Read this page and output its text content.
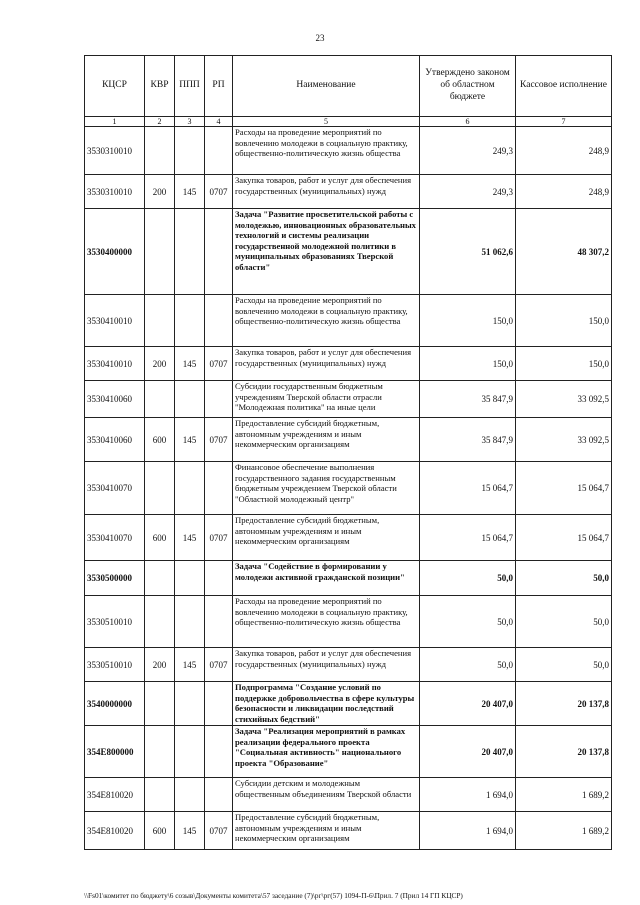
23
КЦСР	КВР	ППП	РП	Наименование	Утверждено законом об областном бюджете	Кассовое исполнение
1	2	3	4	5	6	7
3530310010				Расходы на проведение мероприятий по вовлечению молодежи в социальную практику, общественно-политическую жизнь общества	249,3	248,9
3530310010	200	145	0707	Закупка товаров, работ и услуг для обеспечения государственных (муниципальных) нужд	249,3	248,9
3530400000				Задача "Развитие просветительской работы с молодежью, инновационных образовательных технологий и системы реализации государственной молодежной политики в муниципальных образованиях Тверской области"	51 062,6	48 307,2
3530410010				Расходы на проведение мероприятий по вовлечению молодежи в социальную практику, общественно-политическую жизнь общества	150,0	150,0
3530410010	200	145	0707	Закупка товаров, работ и услуг для обеспечения государственных (муниципальных) нужд	150,0	150,0
3530410060				Субсидии государственным бюджетным учреждениям Тверской области отрасли "Молодежная политика" на иные цели	35 847,9	33 092,5
3530410060	600	145	0707	Предоставление субсидий бюджетным, автономным учреждениям и иным некоммерческим организациям	35 847,9	33 092,5
3530410070				Финансовое обеспечение выполнения государственного задания государственным бюджетным учреждением Тверской области "Областной молодежный центр"	15 064,7	15 064,7
3530410070	600	145	0707	Предоставление субсидий бюджетным, автономным учреждениям и иным некоммерческим организациям	15 064,7	15 064,7
3530500000				Задача "Содействие в формировании у молодежи активной гражданской позиции"	50,0	50,0
3530510010				Расходы на проведение мероприятий по вовлечению молодежи в социальную практику, общественно-политическую жизнь общества	50,0	50,0
3530510010	200	145	0707	Закупка товаров, работ и услуг для обеспечения государственных (муниципальных) нужд	50,0	50,0
3540000000				Подпрограмма "Создание условий по поддержке добровольчества в сфере культуры безопасности и ликвидации последствий стихийных бедствий"	20 407,0	20 137,8
354E800000				Задача "Реализация мероприятий в рамках реализации федерального проекта "Социальная активность" национального проекта "Образование"	20 407,0	20 137,8
354E810020				Субсидии детским и молодежным общественным объединениям Тверской области	1 694,0	1 689,2
354E810020	600	145	0707	Предоставление субсидий бюджетным, автономным учреждениям и иным некоммерческим организациям	1 694,0	1 689,2
\\Fs01\комитет по бюджету\6 созыв\Документы комитета\57 заседание (7)\рг\рг(57) 1094-П-6\Прил. 7 (Прил 14 ГП КЦСР)
